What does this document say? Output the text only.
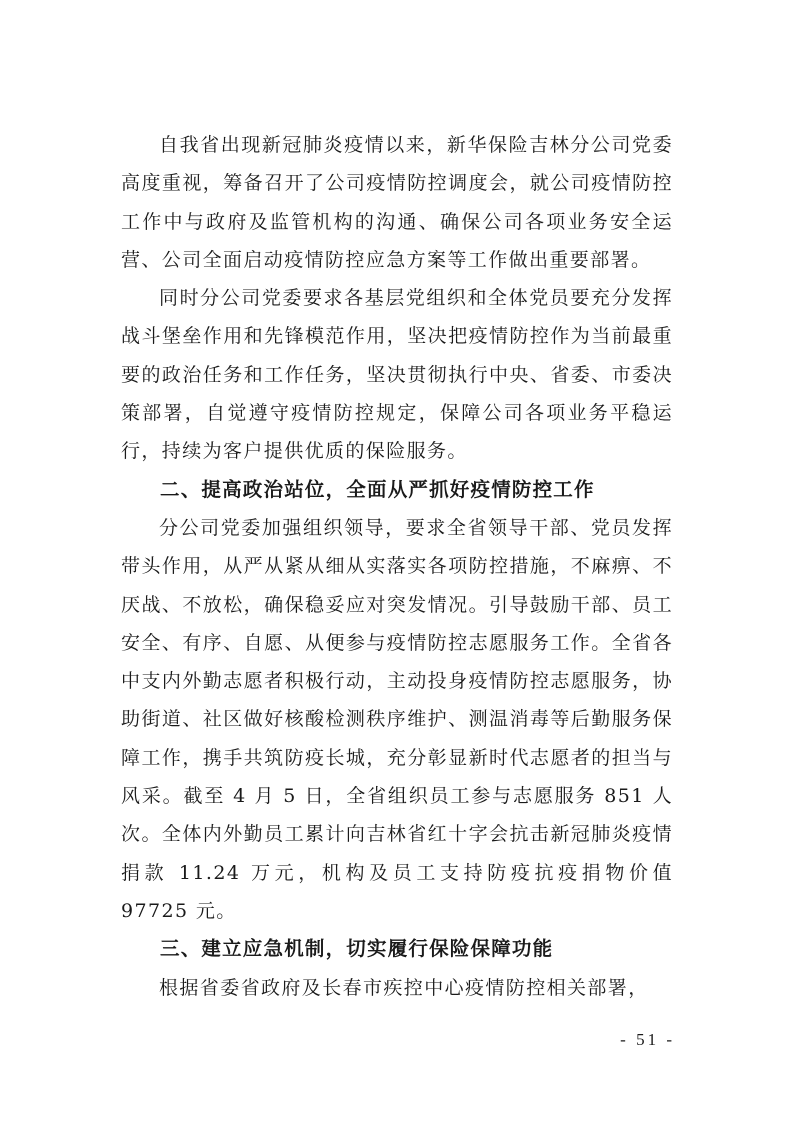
自我省出现新冠肺炎疫情以来，新华保险吉林分公司党委高度重视，筹备召开了公司疫情防控调度会，就公司疫情防控工作中与政府及监管机构的沟通、确保公司各项业务安全运营、公司全面启动疫情防控应急方案等工作做出重要部署。

同时分公司党委要求各基层党组织和全体党员要充分发挥战斗堡垒作用和先锋模范作用，坚决把疫情防控作为当前最重要的政治任务和工作任务，坚决贯彻执行中央、省委、市委决策部署，自觉遵守疫情防控规定，保障公司各项业务平稳运行，持续为客户提供优质的保险服务。

二、提高政治站位，全面从严抓好疫情防控工作

分公司党委加强组织领导，要求全省领导干部、党员发挥带头作用，从严从紧从细从实落实各项防控措施，不麻痹、不厌战、不放松，确保稳妥应对突发情况。引导鼓励干部、员工安全、有序、自愿、从便参与疫情防控志愿服务工作。全省各中支内外勤志愿者积极行动，主动投身疫情防控志愿服务，协助街道、社区做好核酸检测秩序维护、测温消毒等后勤服务保障工作，携手共筑防疫长城，充分彰显新时代志愿者的担当与风采。截至 4 月 5 日，全省组织员工参与志愿服务 851 人次。全体内外勤员工累计向吉林省红十字会抗击新冠肺炎疫情捐款 11.24 万元，机构及员工支持防疫抗疫捐物价值 97725 元。

三、建立应急机制，切实履行保险保障功能

根据省委省政府及长春市疾控中心疫情防控相关部署，

- 51 -
